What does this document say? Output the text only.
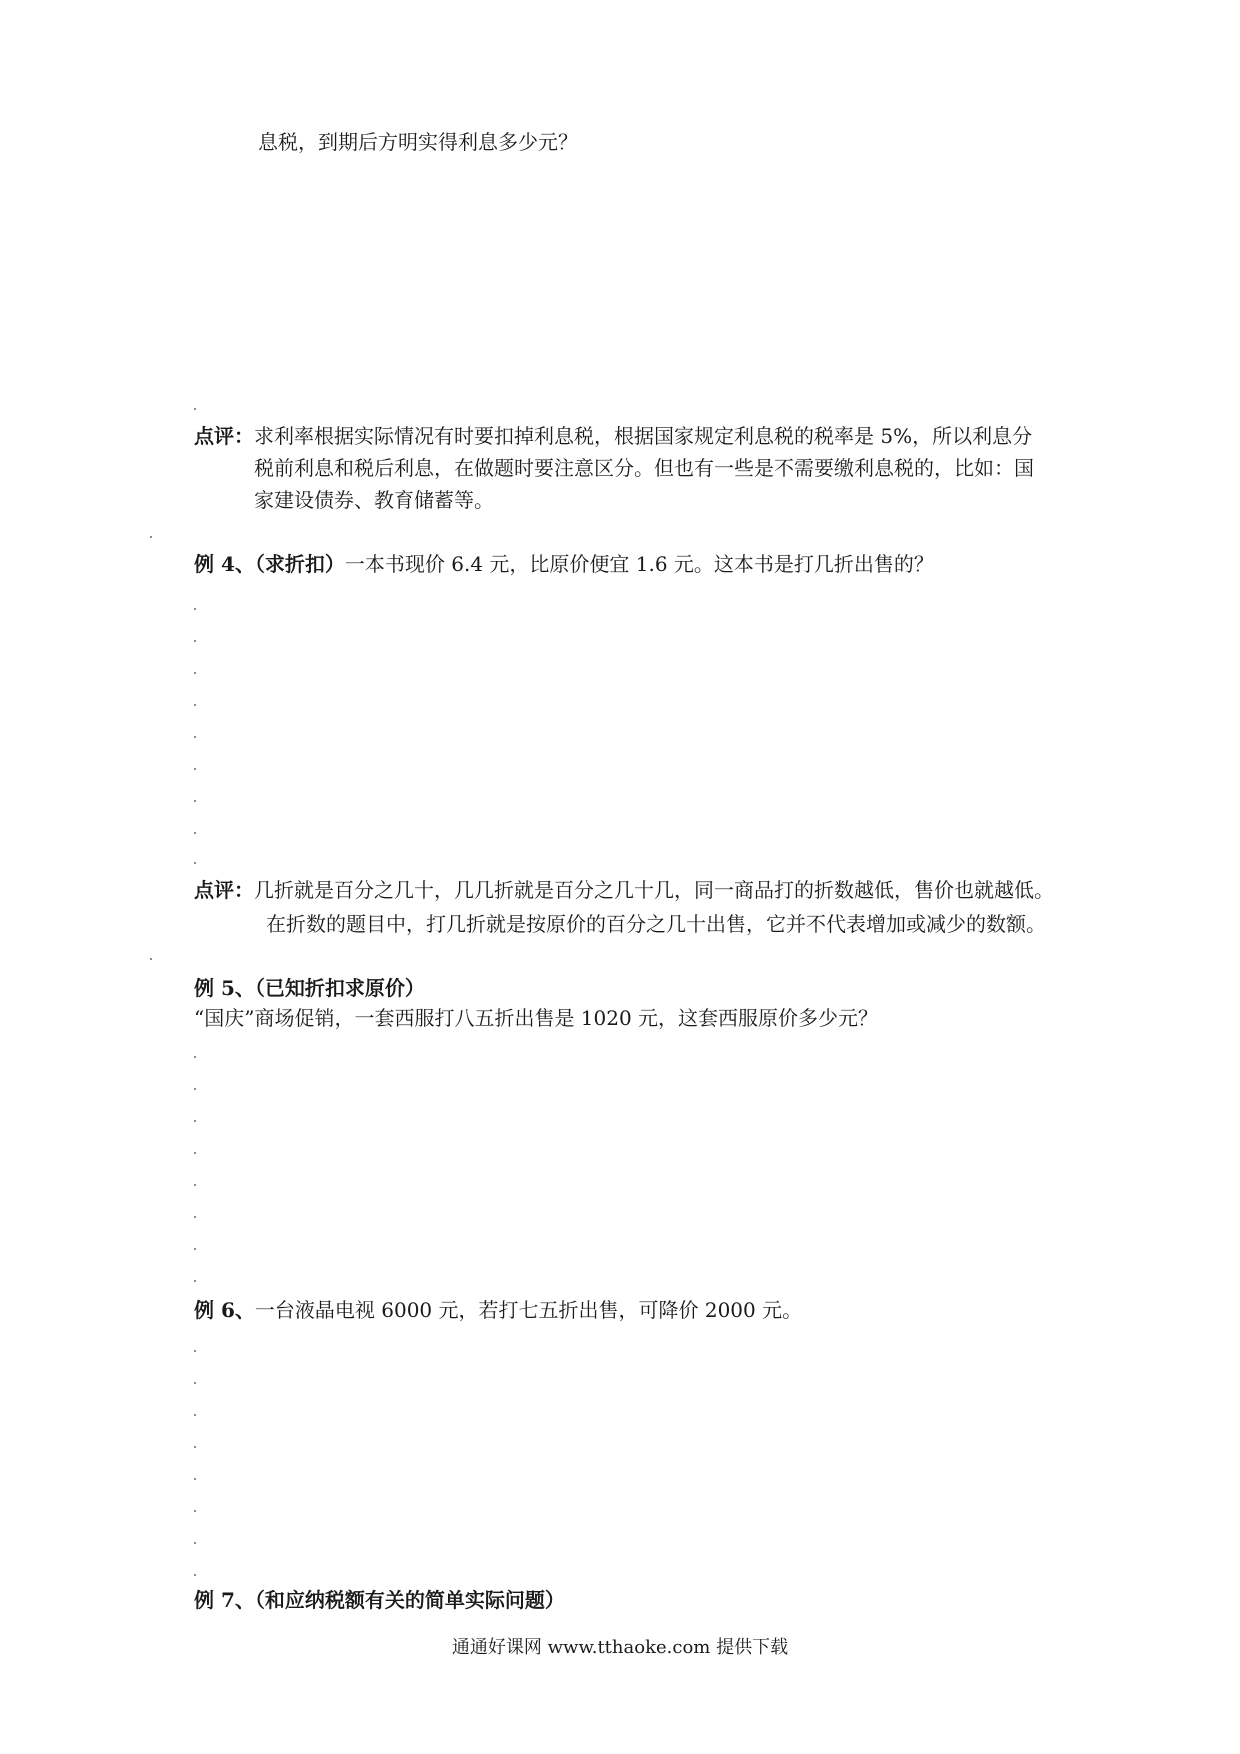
息税，到期后方明实得利息多少元？
点评：求利率根据实际情况有时要扣掉利息税，根据国家规定利息税的税率是 5%，所以利息分
税前利息和税后利息，在做题时要注意区分。但也有一些是不需要缴利息税的，比如：国
家建设债券、教育储蓄等。
例 4、（求折扣）一本书现价 6.4 元，比原价便宜 1.6 元。这本书是打几折出售的？
点评：几折就是百分之几十，几几折就是百分之几十几，同一商品打的折数越低，售价也就越低。
在折数的题目中，打几折就是按原价的百分之几十出售，它并不代表增加或减少的数额。
例 5、（已知折扣求原价）
“国庆”商场促销，一套西服打八五折出售是 1020 元，这套西服原价多少元？
例 6、一台液晶电视 6000 元，若打七五折出售，可降价 2000 元。
例 7、（和应纳税额有关的简单实际问题）
通通好课网 www.tthaoke.com 提供下载
